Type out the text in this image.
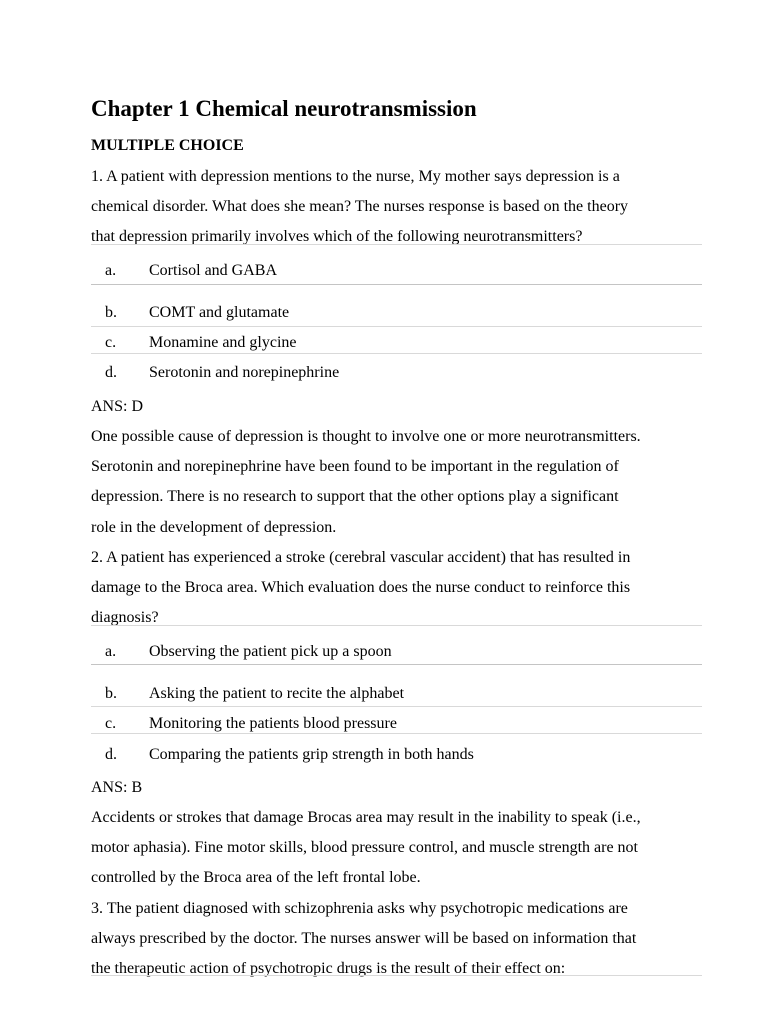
Chapter 1 Chemical neurotransmission
MULTIPLE CHOICE
1. A patient with depression mentions to the nurse, My mother says depression is a
chemical disorder. What does she mean? The nurses response is based on the theory
that depression primarily involves which of the following neurotransmitters?
a. Cortisol and GABA
b. COMT and glutamate
c. Monamine and glycine
d. Serotonin and norepinephrine
ANS: D
One possible cause of depression is thought to involve one or more neurotransmitters.
Serotonin and norepinephrine have been found to be important in the regulation of
depression. There is no research to support that the other options play a significant
role in the development of depression.
2. A patient has experienced a stroke (cerebral vascular accident) that has resulted in
damage to the Broca area. Which evaluation does the nurse conduct to reinforce this
diagnosis?
a. Observing the patient pick up a spoon
b. Asking the patient to recite the alphabet
c. Monitoring the patients blood pressure
d. Comparing the patients grip strength in both hands
ANS: B
Accidents or strokes that damage Brocas area may result in the inability to speak (i.e.,
motor aphasia). Fine motor skills, blood pressure control, and muscle strength are not
controlled by the Broca area of the left frontal lobe.
3. The patient diagnosed with schizophrenia asks why psychotropic medications are
always prescribed by the doctor. The nurses answer will be based on information that
the therapeutic action of psychotropic drugs is the result of their effect on:
